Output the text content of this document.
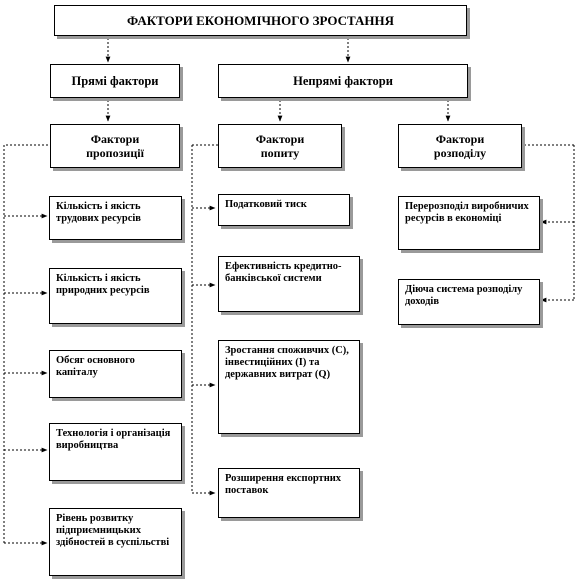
ФАКТОРИ ЕКОНОМІЧНОГО ЗРОСТАННЯ
Прямі фактори	Непрямі фактори
Фактори пропозиції
Фактори попиту
Фактори розподілу
Кількість і якість трудових ресурсів
Кількість і якість природних ресурсів
Обсяг основного капіталу
Технологія і організація виробництва
Рівень розвитку підприємницьких здібностей в суспільстві
Податковий тиск
Ефективність кредитно-банківської системи
Зростання споживчих (С), інвестиційних (І) та державних витрат (Q)
Розширення експортних поставок
Перерозподіл виробничих ресурсів в економіці
Діюча система розподілу доходів
